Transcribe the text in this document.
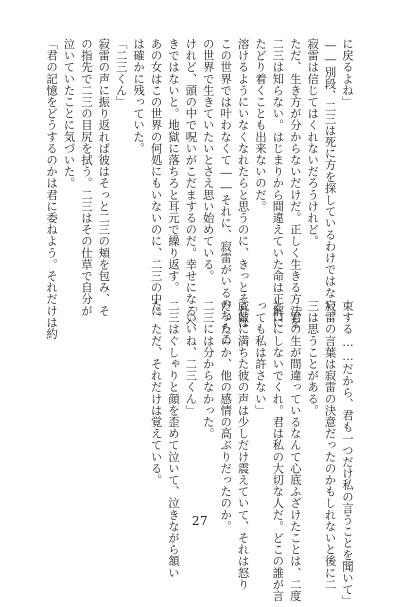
に戻るよね」
――別段、二三は死に方を探しているわけではない。
寂雷は信じてはくれないだろうけれど。
ただ、生き方が分からないだけだ。正しく生きる方法を
二三は知らない。はじまりから間違えていた命は正解に
たどり着くことも出来ないのだ。
溶けるようにいなくなれたらと思うのに、きっとそれは
この世界では叶わなくて――それに、寂雷がいるのならこ
の世界で生きていたいとさえ思い始めている。
けれど、頭の中で呪いがこだまするのだ。幸せになるべ
きではないと。地獄に落ちろと耳元で繰り返す。
あの女はこの世界の何処にもいないのに、二三の中に
は確かに残っていた。
「二三くん」
寂雷の声に振り返れば彼はそっと二三の頬を包み、そ
の指先で二三の目尻を拭う。二三はその仕草で自分が
泣いていたことに気づいた。
「君の記憶をどうするのかは君に委ねよう。それだけは約
束する……だから、君も一つだけ私の言うことを聞いて」
寂雷の言葉は寂雷の決意だったのかもしれないと後に二
三は思うことがある。
「君の生が間違っているなんて心底ふざけたことは、二度
と口にしないでくれ。君は私の大切な人だ。どこの誰が言
っても私は許さない」
威厳に満ちた彼の声は少しだけ震えていて、それは怒り
だったのか、他の感情の高ぶりだったのか。
二三には分からなかった。
「いいね、二三くん」
二三はぐしゃりと顔を歪めて泣いて、泣きながら頷い
た。ただ、それだけは覚えている。
27
